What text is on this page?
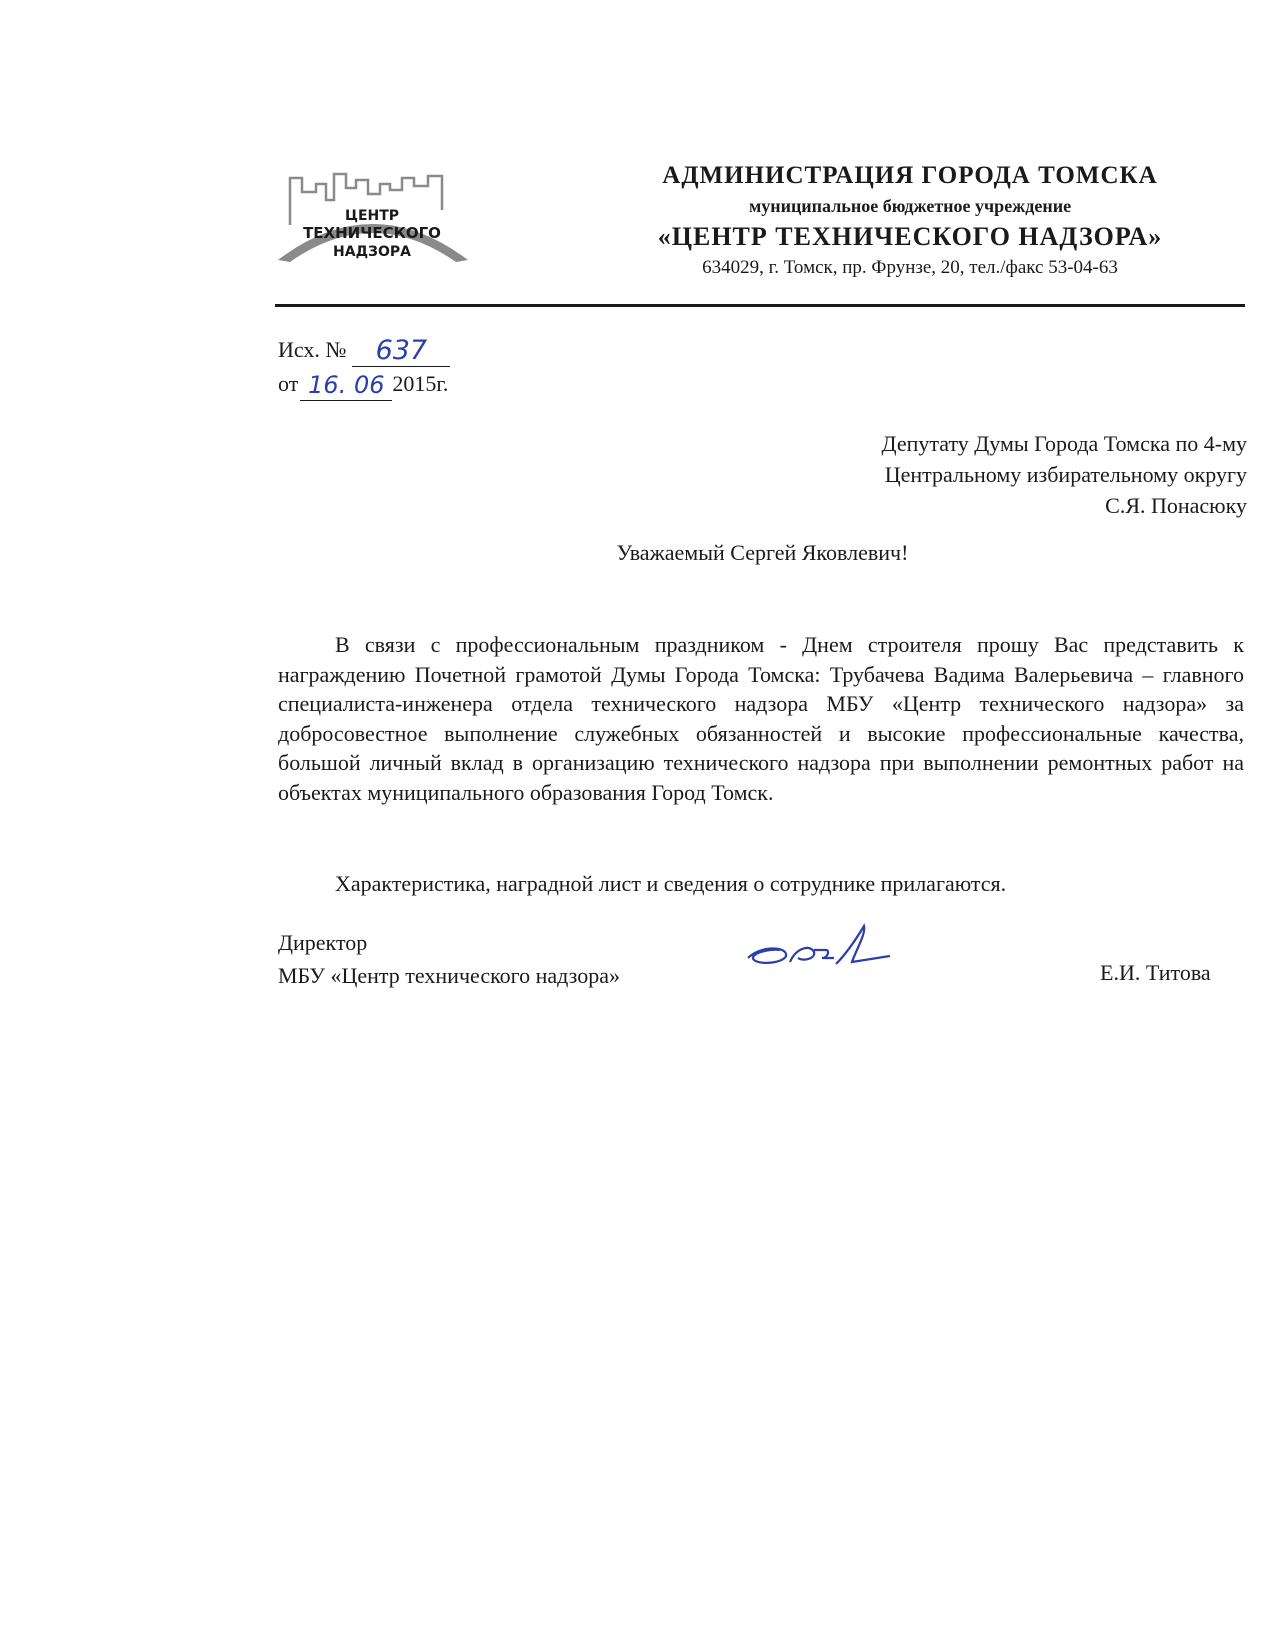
ЦЕНТР
ТЕХНИЧЕСКОГО
НАДЗОРА
АДМИНИСТРАЦИЯ ГОРОДА ТОМСКА
муниципальное бюджетное учреждение
«ЦЕНТР ТЕХНИЧЕСКОГО НАДЗОРА»
634029, г. Томск, пр. Фрунзе, 20, тел./факс 53-04-63
Исх. №	637
от 16. 06 2015г.
Депутату Думы Города Томска по 4-му
Центральному избирательному округу
С.Я. Понасюку
Уважаемый Сергей Яковлевич!

В связи с профессиональным праздником - Днем строителя прошу Вас представить к награждению Почетной грамотой Думы Города Томска: Трубачева Вадима Валерьевича – главного специалиста-инженера отдела технического надзора МБУ «Центр технического надзора» за добросовестное выполнение служебных обязанностей и высокие профессиональные качества, большой личный вклад в организацию технического надзора при выполнении ремонтных работ на объектах муниципального образования Город Томск.

Характеристика, наградной лист и сведения о сотруднике прилагаются.

Директор
МБУ «Центр технического надзора»	Е.И. Титова
